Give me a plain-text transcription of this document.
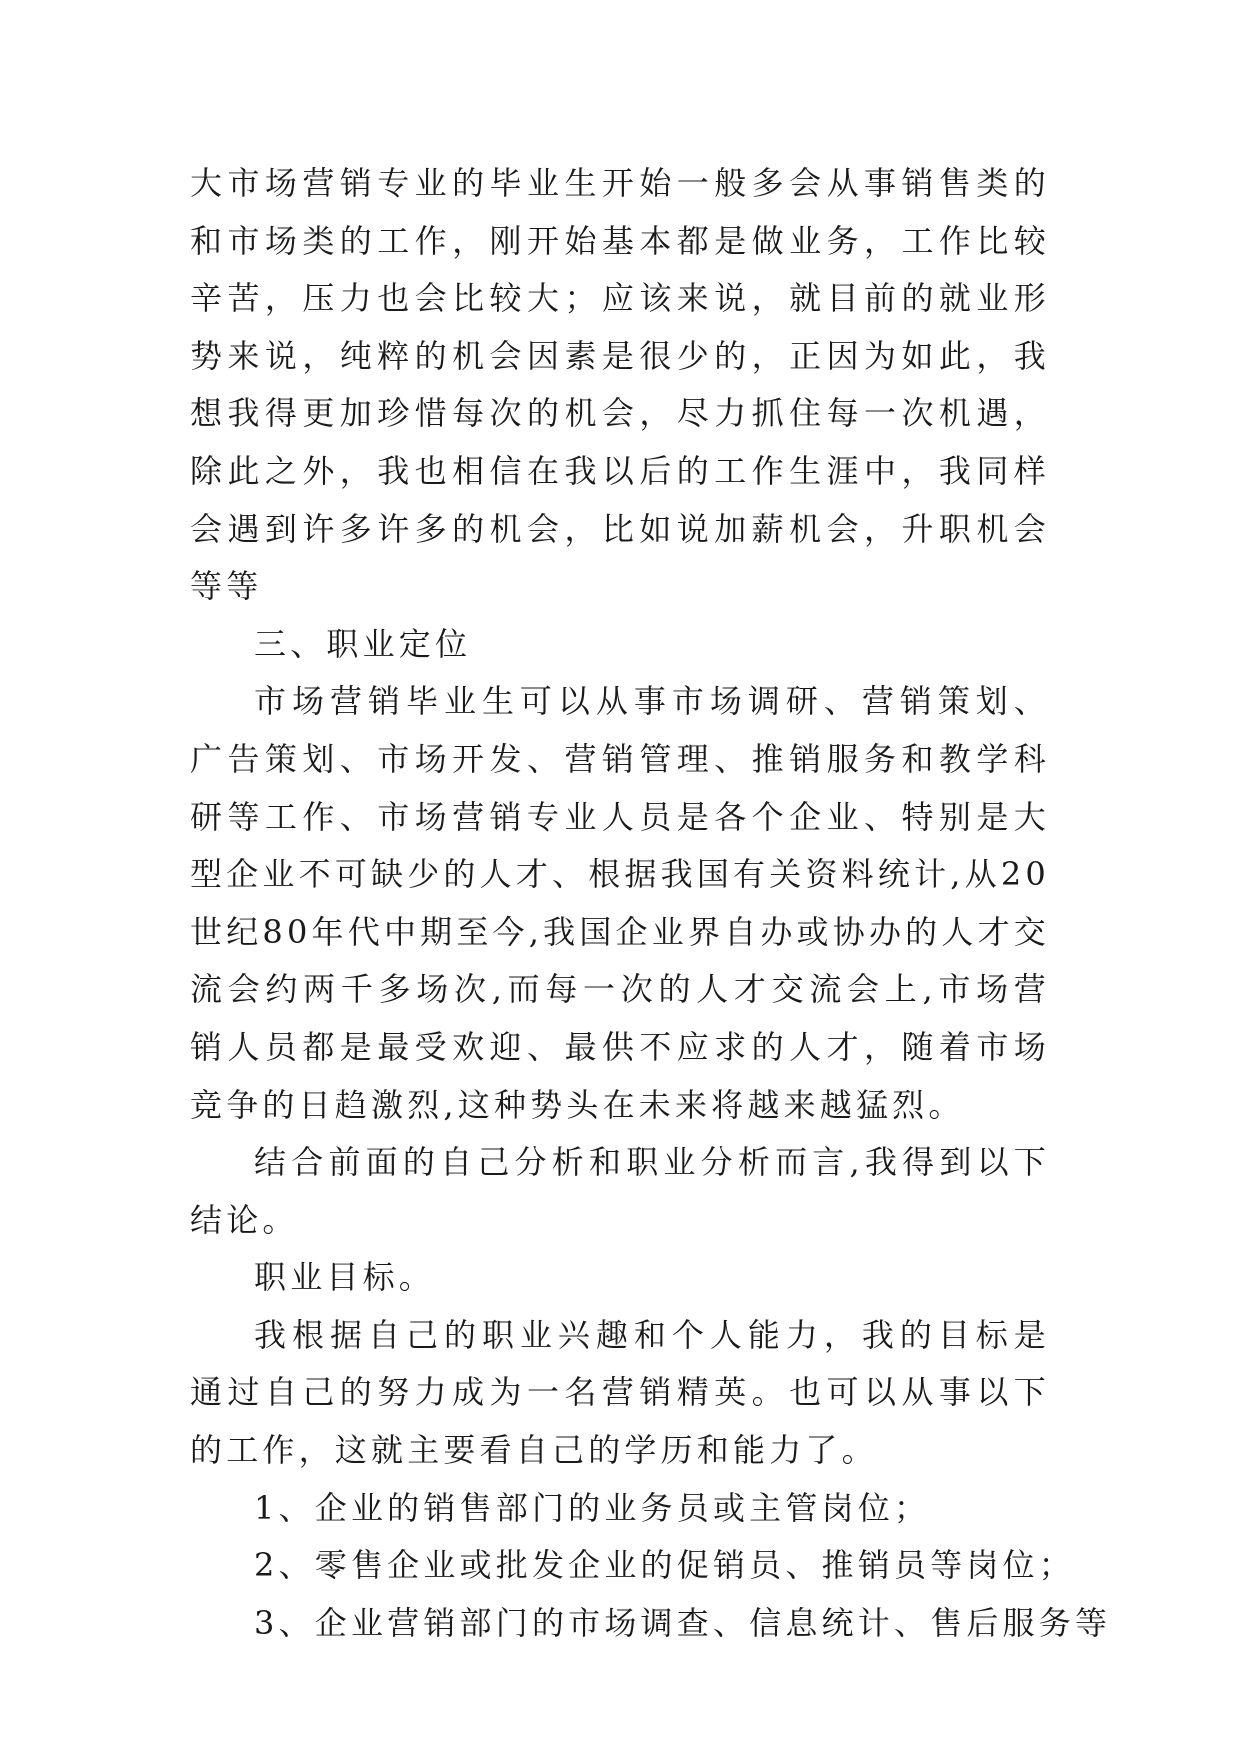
大市场营销专业的毕业生开始一般多会从事销售类的和市场类的工作，刚开始基本都是做业务，工作比较辛苦，压力也会比较大；应该来说，就目前的就业形势来说，纯粹的机会因素是很少的，正因为如此，我想我得更加珍惜每次的机会，尽力抓住每一次机遇，除此之外，我也相信在我以后的工作生涯中，我同样会遇到许多许多的机会，比如说加薪机会，升职机会等等

三、职业定位

市场营销毕业生可以从事市场调研、营销策划、广告策划、市场开发、营销管理、推销服务和教学科研等工作、市场营销专业人员是各个企业、特别是大型企业不可缺少的人才、根据我国有关资料统计,从20世纪80年代中期至今,我国企业界自办或协办的人才交流会约两千多场次,而每一次的人才交流会上,市场营销人员都是最受欢迎、最供不应求的人才，随着市场竞争的日趋激烈,这种势头在未来将越来越猛烈。

结合前面的自己分析和职业分析而言,我得到以下结论。

职业目标。

我根据自己的职业兴趣和个人能力，我的目标是通过自己的努力成为一名营销精英。也可以从事以下的工作，这就主要看自己的学历和能力了。

1、企业的销售部门的业务员或主管岗位；

2、零售企业或批发企业的促销员、推销员等岗位；

3、企业营销部门的市场调查、信息统计、售后服务等
